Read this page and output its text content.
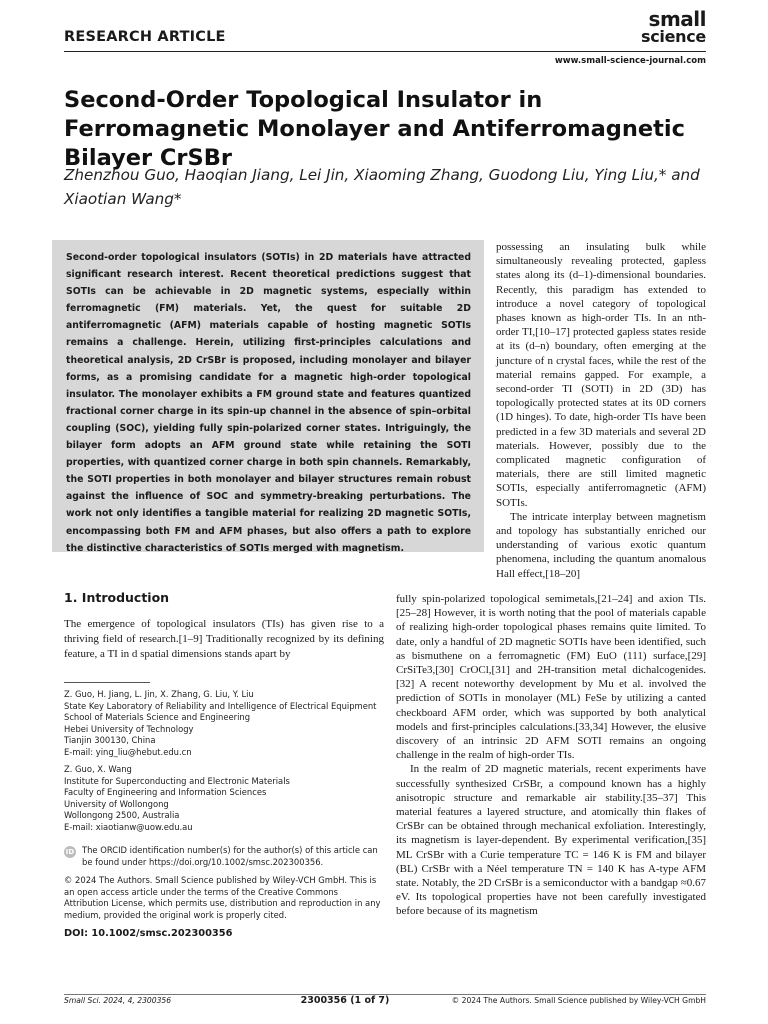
RESEARCH ARTICLE
small
science
www.small-science-journal.com
Second-Order Topological Insulator in Ferromagnetic Monolayer and Antiferromagnetic Bilayer CrSBr
Zhenzhou Guo, Haoqian Jiang, Lei Jin, Xiaoming Zhang, Guodong Liu, Ying Liu,* and Xiaotian Wang*
Second-order topological insulators (SOTIs) in 2D materials have attracted significant research interest. Recent theoretical predictions suggest that SOTIs can be achievable in 2D magnetic systems, especially within ferromagnetic (FM) materials. Yet, the quest for suitable 2D antiferromagnetic (AFM) materials capable of hosting magnetic SOTIs remains a challenge. Herein, utilizing first-principles calculations and theoretical analysis, 2D CrSBr is proposed, including monolayer and bilayer forms, as a promising candidate for a magnetic high-order topological insulator. The monolayer exhibits a FM ground state and features quantized fractional corner charge in its spin-up channel in the absence of spin–orbital coupling (SOC), yielding fully spin-polarized corner states. Intriguingly, the bilayer form adopts an AFM ground state while retaining the SOTI properties, with quantized corner charge in both spin channels. Remarkably, the SOTI properties in both monolayer and bilayer structures remain robust against the influence of SOC and symmetry-breaking perturbations. The work not only identifies a tangible material for realizing 2D magnetic SOTIs, encompassing both FM and AFM phases, but also offers a path to explore the distinctive characteristics of SOTIs merged with magnetism.

possessing an insulating bulk while simultaneously revealing protected, gapless states along its (d–1)-dimensional boundaries. Recently, this paradigm has extended to introduce a novel category of topological phases known as high-order TIs. In an nth-order TI,[10–17] protected gapless states reside at its (d–n) boundary, often emerging at the juncture of n crystal faces, while the rest of the material remains gapped. For example, a second-order TI (SOTI) in 2D (3D) has topologically protected states at its 0D corners (1D hinges). To date, high-order TIs have been predicted in a few 3D materials and several 2D materials. However, possibly due to the complicated magnetic configuration of materials, there are still limited magnetic SOTIs, especially antiferromagnetic (AFM) SOTIs.

The intricate interplay between magnetism and topology has substantially enriched our understanding of various exotic quantum phenomena, including the quantum anomalous Hall effect,[18–20]

1. Introduction
The emergence of topological insulators (TIs) has given rise to a thriving field of research.[1–9] Traditionally recognized by its defining feature, a TI in d spatial dimensions stands apart by
Z. Guo, H. Jiang, L. Jin, X. Zhang, G. Liu, Y. Liu
State Key Laboratory of Reliability and Intelligence of Electrical Equipment
School of Materials Science and Engineering
Hebei University of Technology
Tianjin 300130, China
E-mail: ying_liu@hebut.edu.cn
Z. Guo, X. Wang
Institute for Superconducting and Electronic Materials
Faculty of Engineering and Information Sciences
University of Wollongong
Wollongong 2500, Australia
E-mail: xiaotianw@uow.edu.au
ID The ORCID identification number(s) for the author(s) of this article can be found under https://doi.org/10.1002/smsc.202300356.
© 2024 The Authors. Small Science published by Wiley-VCH GmbH. This is an open access article under the terms of the Creative Commons Attribution License, which permits use, distribution and reproduction in any medium, provided the original work is properly cited.
DOI: 10.1002/smsc.202300356

fully spin-polarized topological semimetals,[21–24] and axion TIs.[25–28] However, it is worth noting that the pool of materials capable of realizing high-order topological phases remains quite limited. To date, only a handful of 2D magnetic SOTIs have been identified, such as bismuthene on a ferromagnetic (FM) EuO (111) surface,[29] CrSiTe3,[30] CrOCl,[31] and 2H-transition metal dichalcogenides.[32] A recent noteworthy development by Mu et al. involved the prediction of SOTIs in monolayer (ML) FeSe by utilizing a canted checkboard AFM order, which was supported by both analytical models and first-principles calculations.[33,34] However, the elusive discovery of an intrinsic 2D AFM SOTI remains an ongoing challenge in the realm of high-order TIs.

In the realm of 2D magnetic materials, recent experiments have successfully synthesized CrSBr, a compound known has a highly anisotropic structure and remarkable air stability.[35–37] This material features a layered structure, and atomically thin flakes of CrSBr can be obtained through mechanical exfoliation. Interestingly, its magnetism is layer-dependent. By experimental verification,[35] ML CrSBr with a Curie temperature TC = 146 K is FM and bilayer (BL) CrSBr with a Néel temperature TN = 140 K has A-type AFM state. Notably, the 2D CrSBr is a semiconductor with a bandgap ≈0.67 eV. Its topological properties have not been carefully investigated before because of its magnetism

Small Sci. 2024, 4, 2300356	2300356 (1 of 7)	© 2024 The Authors. Small Science published by Wiley-VCH GmbH
